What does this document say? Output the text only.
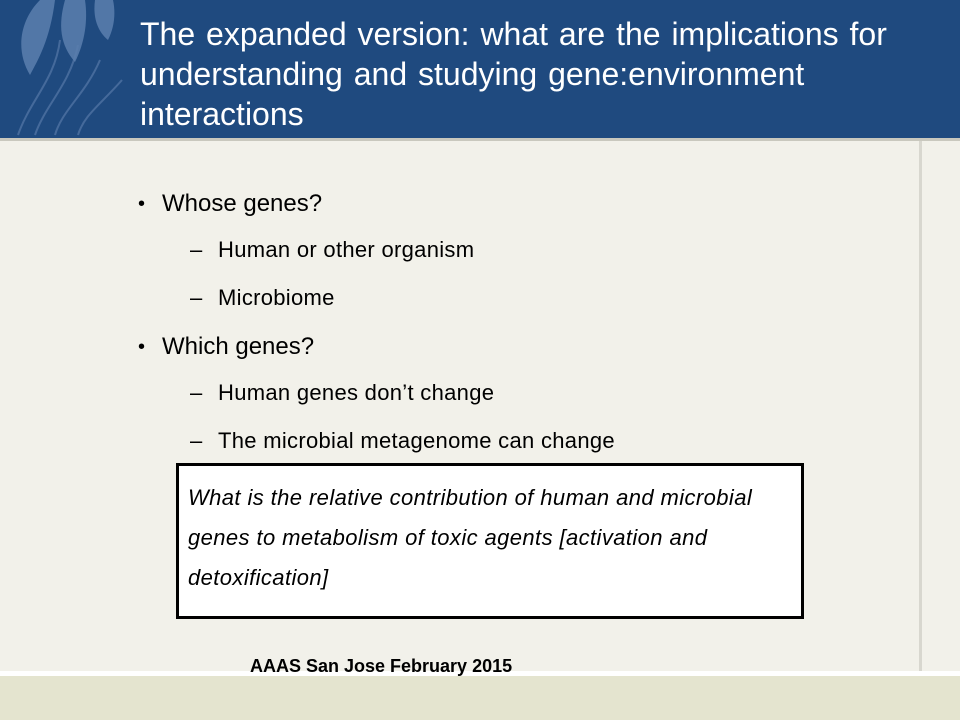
The expanded version: what are the implications for understanding and studying gene:environment interactions
• Whose genes?
– Human or other organism
– Microbiome
• Which genes?
– Human genes don’t change
– The microbial metagenome can change
What is the relative contribution of human and microbial genes to metabolism of toxic agents [activation and detoxification]
AAAS San Jose February 2015
